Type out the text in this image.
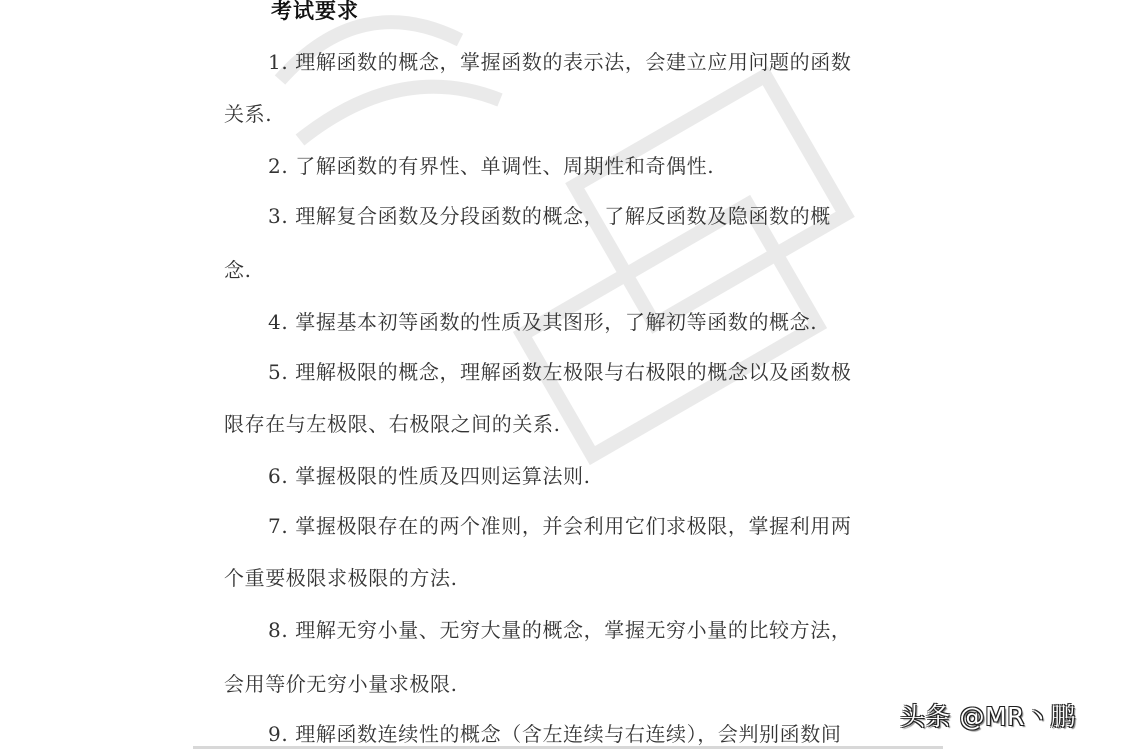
考试要求
1. 理解函数的概念，掌握函数的表示法，会建立应用问题的函数
关系.
2. 了解函数的有界性、单调性、周期性和奇偶性.
3. 理解复合函数及分段函数的概念，了解反函数及隐函数的概
念.
4. 掌握基本初等函数的性质及其图形，了解初等函数的概念.
5. 理解极限的概念，理解函数左极限与右极限的概念以及函数极
限存在与左极限、右极限之间的关系.
6. 掌握极限的性质及四则运算法则.
7. 掌握极限存在的两个准则，并会利用它们求极限，掌握利用两
个重要极限求极限的方法.
8. 理解无穷小量、无穷大量的概念，掌握无穷小量的比较方法，
会用等价无穷小量求极限.
9. 理解函数连续性的概念（含左连续与右连续），会判别函数间
头条 @MR丶鹏
